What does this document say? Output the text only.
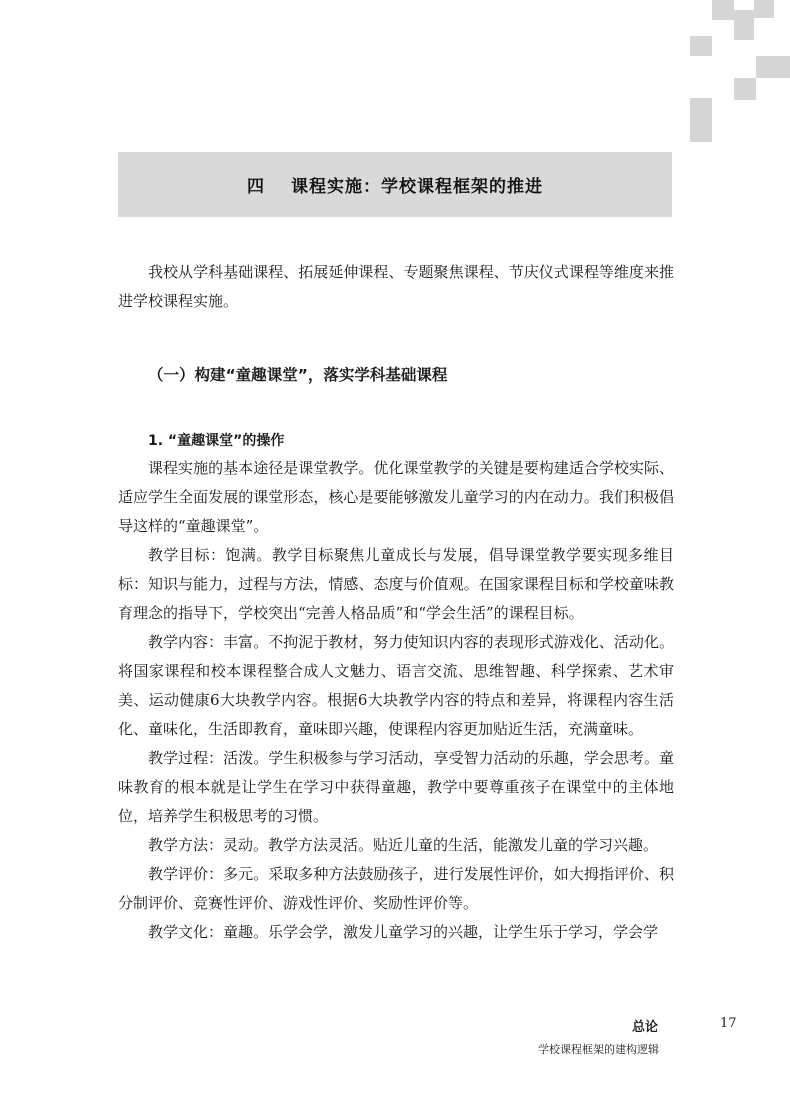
四 课程实施：学校课程框架的推进

我校从学科基础课程、拓展延伸课程、专题聚焦课程、节庆仪式课程等维度来推进学校课程实施。

（一）构建“童趣课堂”，落实学科基础课程
1. “童趣课堂”的操作

课程实施的基本途径是课堂教学。优化课堂教学的关键是要构建适合学校实际、适应学生全面发展的课堂形态，核心是要能够激发儿童学习的内在动力。我们积极倡导这样的“童趣课堂”。

教学目标：饱满。教学目标聚焦儿童成长与发展，倡导课堂教学要实现多维目标：知识与能力，过程与方法，情感、态度与价值观。在国家课程目标和学校童味教育理念的指导下，学校突出“完善人格品质”和“学会生活”的课程目标。

教学内容：丰富。不拘泥于教材，努力使知识内容的表现形式游戏化、活动化。将国家课程和校本课程整合成人文魅力、语言交流、思维智趣、科学探索、艺术审美、运动健康6大块教学内容。根据6大块教学内容的特点和差异，将课程内容生活化、童味化，生活即教育，童味即兴趣，使课程内容更加贴近生活，充满童味。

教学过程：活泼。学生积极参与学习活动，享受智力活动的乐趣，学会思考。童味教育的根本就是让学生在学习中获得童趣，教学中要尊重孩子在课堂中的主体地位，培养学生积极思考的习惯。

教学方法：灵动。教学方法灵活。贴近儿童的生活，能激发儿童的学习兴趣。

教学评价：多元。采取多种方法鼓励孩子，进行发展性评价，如大拇指评价、积分制评价、竞赛性评价、游戏性评价、奖励性评价等。

教学文化：童趣。乐学会学，激发儿童学习的兴趣，让学生乐于学习，学会学

总论
学校课程框架的建构逻辑
17
